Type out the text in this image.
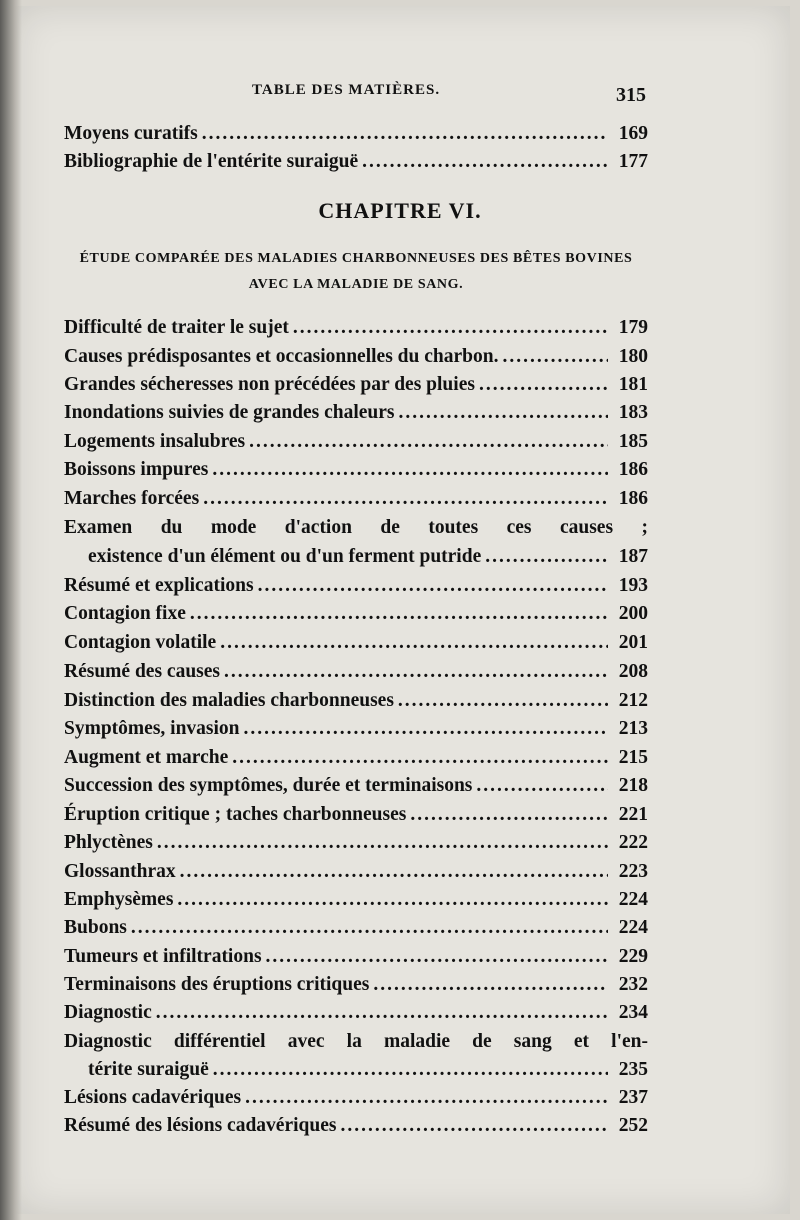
TABLE DES MATIÈRES.	315
Moyens curatifs .....	169
Bibliographie de l'entérite suraiguë .....	177
CHAPITRE VI.
ÉTUDE COMPARÉE DES MALADIES CHARBONNEUSES DES BÊTES BOVINES
AVEC LA MALADIE DE SANG.
Difficulté de traiter le sujet .....	179
Causes prédisposantes et occasionnelles du charbon. .....	180
Grandes sécheresses non précédées par des pluies .....	181
Inondations suivies de grandes chaleurs .....	183
Logements insalubres .....	185
Boissons impures .....	186
Marches forcées .....	186
Examen du mode d'action de toutes ces causes ;
existence d'un élément ou d'un ferment putride .....	187
Résumé et explications .....	193
Contagion fixe .....	200
Contagion volatile .....	201
Résumé des causes .....	208
Distinction des maladies charbonneuses .....	212
Symptômes, invasion .....	213
Augment et marche .....	215
Succession des symptômes, durée et terminaisons .....	218
Éruption critique ; taches charbonneuses .....	221
Phlyctènes .....	222
Glossanthrax .....	223
Emphysèmes .....	224
Bubons .....	224
Tumeurs et infiltrations .....	229
Terminaisons des éruptions critiques .....	232
Diagnostic .....	234
Diagnostic différentiel avec la maladie de sang et l'en-
térite suraiguë .....	235
Lésions cadavériques .....	237
Résumé des lésions cadavériques .....	252
